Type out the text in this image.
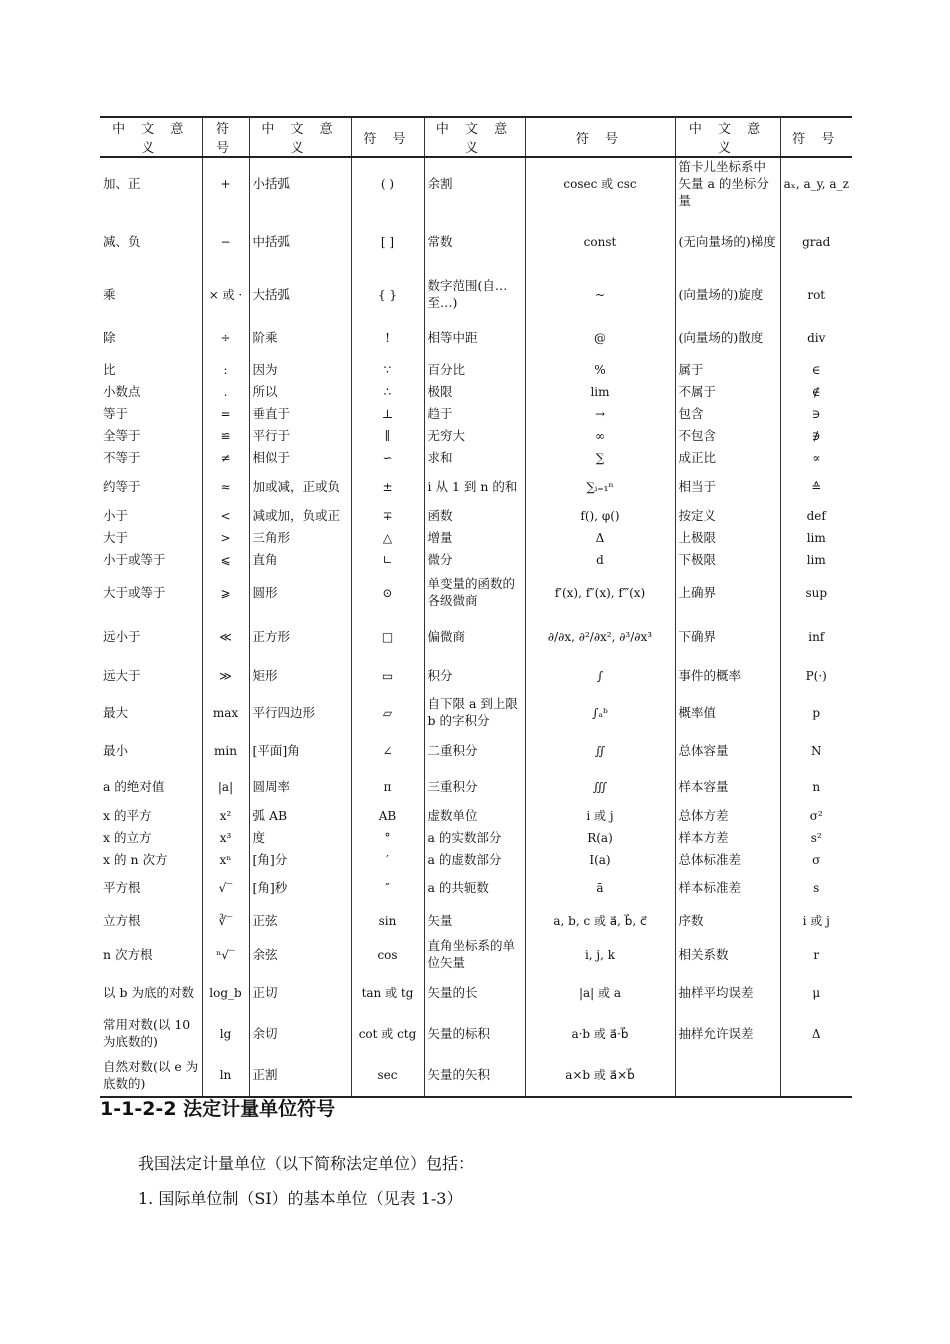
中 文 意 义	符 号	中 文 意 义	符 号	中 文 意 义	符 号	中 文 意 义	符 号
加、正	+	小括弧	( )	余割	cosec 或 csc	笛卡儿坐标系中矢量 a 的坐标分量	aₓ, a_y, a_z
减、负	−	中括弧	[ ]	常数	const	(无向量场的)梯度	grad
乘	× 或 ·	大括弧	{ }	数字范围(自…至…)	~	(向量场的)旋度	rot
除	÷	阶乘	!	相等中距	@	(向量场的)散度	div
比	:	因为	∵	百分比	%	属于	∈
小数点	.	所以	∴	极限	lim	不属于	∉
等于	=	垂直于	⊥	趋于	→	包含	∋
全等于	≌	平行于	∥	无穷大	∞	不包含	∌
不等于	≠	相似于	∽	求和	∑	成正比	∝
约等于	≈	加或减，正或负	±	i 从 1 到 n 的和	∑ᵢ₌₁ⁿ	相当于	≙
小于	<	减或加，负或正	∓	函数	f(), φ()	按定义	def
大于	>	三角形	△	增量	Δ	上极限	lim
小于或等于	⩽	直角	∟	微分	d	下极限	lim
大于或等于	⩾	圆形	⊙	单变量的函数的各级微商	f′(x), f″(x), f‴(x)	上确界	sup
远小于	≪	正方形	□	偏微商	∂/∂x, ∂²/∂x², ∂³/∂x³	下确界	inf
远大于	≫	矩形	▭	积分	∫	事件的概率	P(·)
最大	max	平行四边形	▱	自下限 a 到上限 b 的字积分	∫ₐᵇ	概率值	p
最小	min	[平面]角	∠	二重积分	∬	总体容量	N
a 的绝对值	|a|	圆周率	π	三重积分	∭	样本容量	n
x 的平方	x²	弧 AB	AB	虚数单位	i 或 j	总体方差	σ²
x 的立方	x³	度	°	a 的实数部分	R(a)	样本方差	s²
x 的 n 次方	xⁿ	[角]分	′	a 的虚数部分	I(a)	总体标准差	σ
平方根	√‾	[角]秒	″	a 的共轭数	ā	样本标准差	s
立方根	∛‾	正弦	sin	矢量	a, b, c 或 a⃗, b⃗, c⃗	序数	i 或 j
n 次方根	ⁿ√‾	余弦	cos	直角坐标系的单位矢量	i, j, k	相关系数	r
以 b 为底的对数	log_b	正切	tan 或 tg	矢量的长	|a| 或 a	抽样平均误差	μ
常用对数(以 10 为底数的)	lg	余切	cot 或 ctg	矢量的标积	a·b 或 a⃗·b⃗	抽样允许误差	Δ
自然对数(以 e 为底数的)	ln	正割	sec	矢量的矢积	a×b 或 a⃗×b⃗		
1-1-2-2 法定计量单位符号

我国法定计量单位（以下简称法定单位）包括：

1. 国际单位制（SI）的基本单位（见表 1-3）
